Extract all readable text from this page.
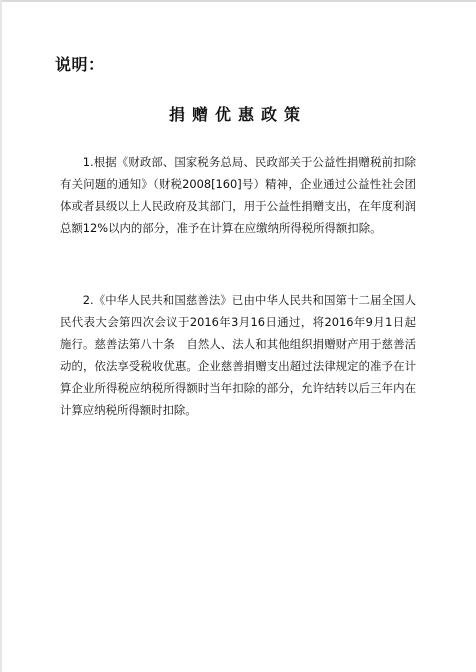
说明：
捐赠优惠政策

1.根据《财政部、国家税务总局、民政部关于公益性捐赠税前扣除有关问题的通知》（财税2008[160]号）精神，企业通过公益性社会团体或者县级以上人民政府及其部门，用于公益性捐赠支出，在年度利润总额12%以内的部分，准予在计算在应缴纳所得税所得额扣除。

2.《中华人民共和国慈善法》已由中华人民共和国第十二届全国人民代表大会第四次会议于2016年3月16日通过，将2016年9月1日起施行。慈善法第八十条　自然人、法人和其他组织捐赠财产用于慈善活动的，依法享受税收优惠。企业慈善捐赠支出超过法律规定的准予在计算企业所得税应纳税所得额时当年扣除的部分，允许结转以后三年内在计算应纳税所得额时扣除。
